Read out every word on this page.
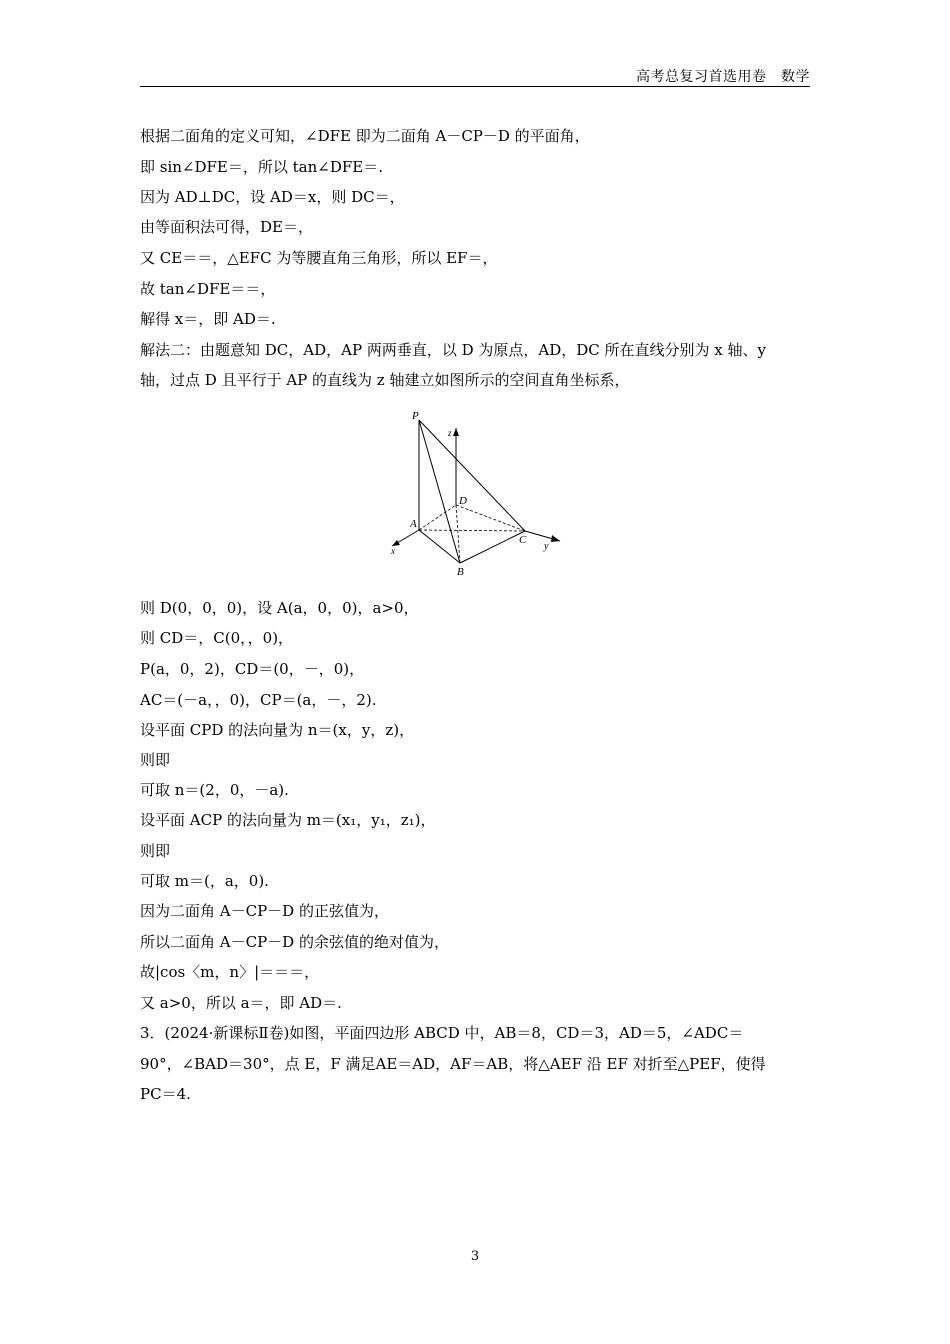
高考总复习首选用卷　数学
根据二面角的定义可知，∠DFE 即为二面角 A－CP－D 的平面角，
即 sin∠DFE＝，所以 tan∠DFE＝.
因为 AD⊥DC，设 AD＝x，则 DC＝，
由等面积法可得，DE＝，
又 CE＝＝，△EFC 为等腰直角三角形，所以 EF＝，
故 tan∠DFE＝＝，
解得 x＝，即 AD＝.
解法二：由题意知 DC，AD，AP 两两垂直，以 D 为原点，AD，DC 所在直线分别为 x 轴、y
轴，过点 D 且平行于 AP 的直线为 z 轴建立如图所示的空间直角坐标系，
P
z
D
A
C
y
x
B
则 D(0，0，0)，设 A(a，0，0)，a>0，
则 CD＝，C(0，，0)，
P(a，0，2)，CD＝(0，－，0)，
AC＝(－a，，0)，CP＝(a，－，2).
设平面 CPD 的法向量为 n＝(x，y，z)，
则即
可取 n＝(2，0，－a).
设平面 ACP 的法向量为 m＝(x₁，y₁，z₁)，
则即
可取 m＝(，a，0).
因为二面角 A－CP－D 的正弦值为，
所以二面角 A－CP－D 的余弦值的绝对值为，
故|cos〈m，n〉|＝＝＝，
又 a>0，所以 a＝，即 AD＝.
3．(2024·新课标Ⅱ卷)如图，平面四边形 ABCD 中，AB＝8，CD＝3，AD＝5，∠ADC＝
90°，∠BAD＝30°，点 E，F 满足AE＝AD，AF＝AB，将△AEF 沿 EF 对折至△PEF，使得
PC＝4.
3
